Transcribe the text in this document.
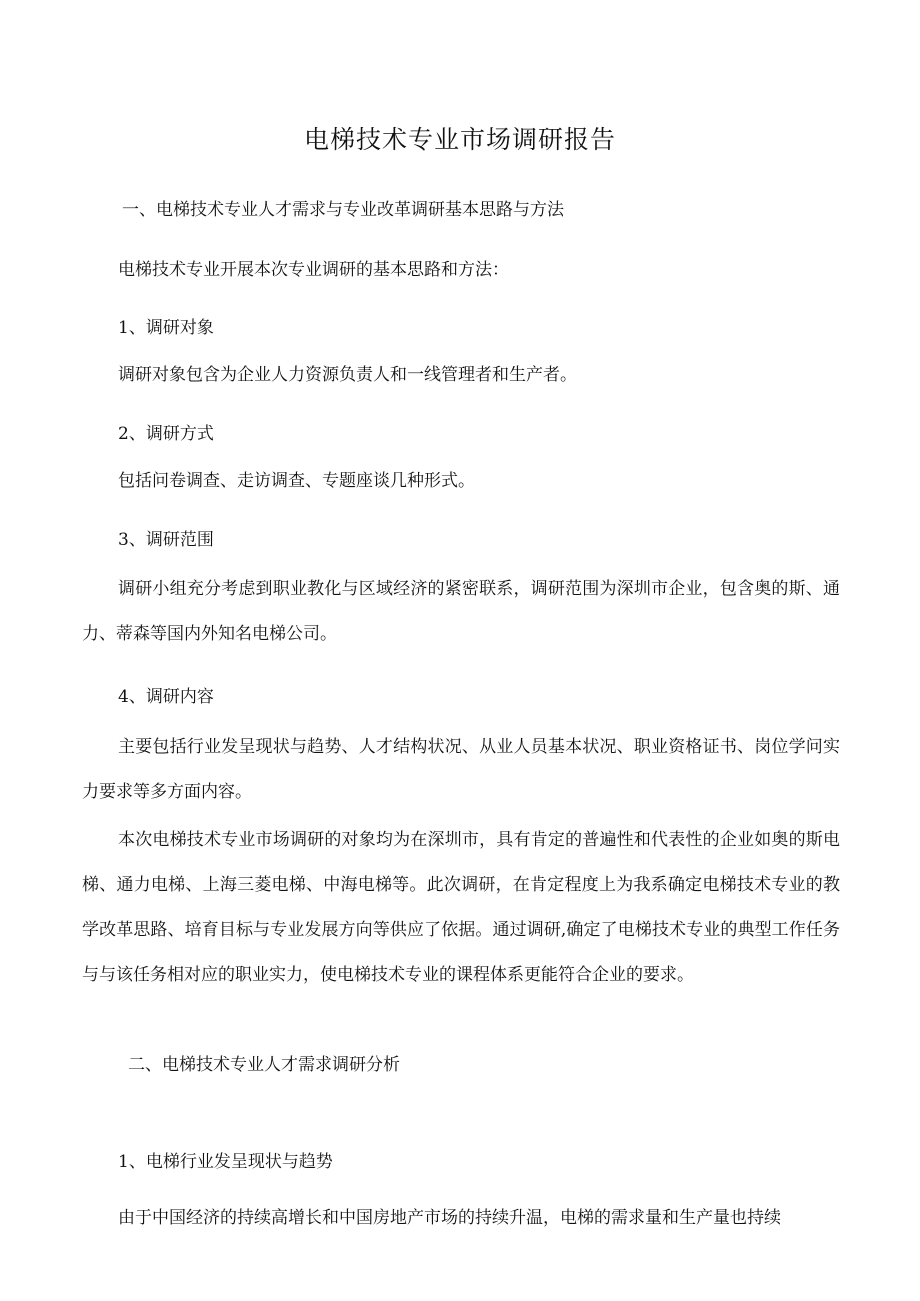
电梯技术专业市场调研报告
一、电梯技术专业人才需求与专业改革调研基本思路与方法
电梯技术专业开展本次专业调研的基本思路和方法：
1、调研对象
调研对象包含为企业人力资源负责人和一线管理者和生产者。
2、调研方式
包括问卷调查、走访调查、专题座谈几种形式。
调研小组充分考虑到职业教化与区域经济的紧密联系，调研范围为深圳市企业，包含奥的斯、通力、蒂森等国内外知名电梯公司。
4、调研内容
主要包括行业发呈现状与趋势、人才结构状况、从业人员基本状况、职业资格证书、岗位学问实力要求等多方面内容。
本次电梯技术专业市场调研的对象均为在深圳市，具有肯定的普遍性和代表性的企业如奥的斯电梯、通力电梯、上海三菱电梯、中海电梯等。此次调研，在肯定程度上为我系确定电梯技术专业的教学改革思路、培育目标与专业发展方向等供应了依据。通过调研,确定了电梯技术专业的典型工作任务与与该任务相对应的职业实力，使电梯技术专业的课程体系更能符合企业的要求。
二、电梯技术专业人才需求调研分析
1、电梯行业发呈现状与趋势
由于中国经济的持续高增长和中国房地产市场的持续升温，电梯的需求量和生产量也持续
3、调研范围
